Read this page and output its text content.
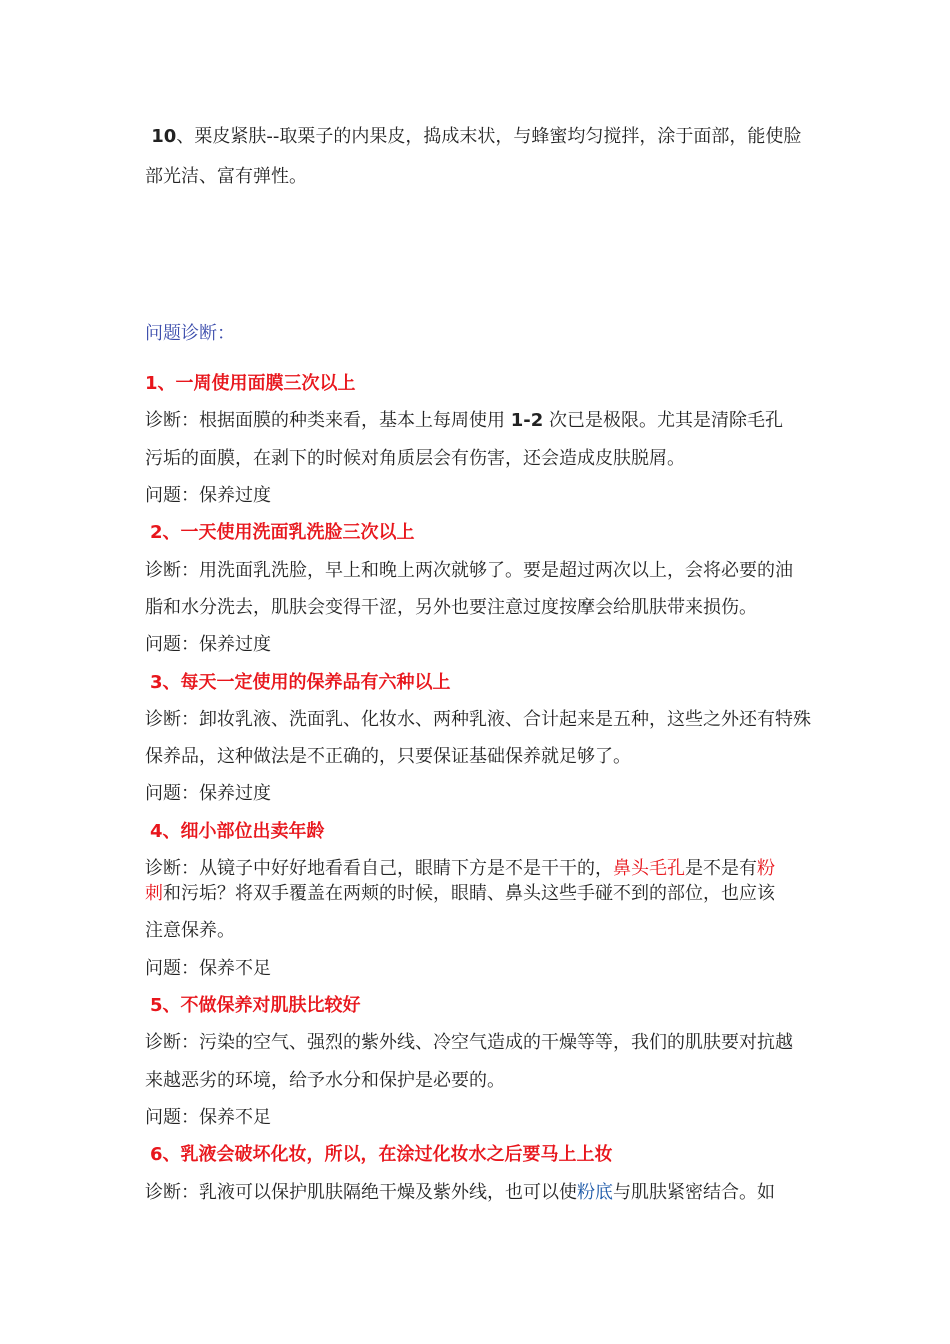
10、栗皮紧肤--取栗子的内果皮，捣成末状，与蜂蜜均匀搅拌，涂于面部，能使脸
部光洁、富有弹性。
问题诊断：
1、一周使用面膜三次以上
诊断：根据面膜的种类来看，基本上每周使用 1-2 次已是极限。尤其是清除毛孔
污垢的面膜，在剥下的时候对角质层会有伤害，还会造成皮肤脱屑。
问题：保养过度
2、一天使用洗面乳洗脸三次以上
诊断：用洗面乳洗脸，早上和晚上两次就够了。要是超过两次以上，会将必要的油
脂和水分洗去，肌肤会变得干涩，另外也要注意过度按摩会给肌肤带来损伤。
问题：保养过度
3、每天一定使用的保养品有六种以上
诊断：卸妆乳液、洗面乳、化妆水、两种乳液、合计起来是五种，这些之外还有特殊
保养品，这种做法是不正确的，只要保证基础保养就足够了。
问题：保养过度
4、细小部位出卖年龄
诊断：从镜子中好好地看看自己，眼睛下方是不是干干的，鼻头毛孔是不是有粉
刺和污垢？将双手覆盖在两颊的时候，眼睛、鼻头这些手碰不到的部位，也应该
注意保养。
问题：保养不足
5、不做保养对肌肤比较好
诊断：污染的空气、强烈的紫外线、冷空气造成的干燥等等，我们的肌肤要对抗越
来越恶劣的环境，给予水分和保护是必要的。
问题：保养不足
6、乳液会破坏化妆，所以，在涂过化妆水之后要马上上妆
诊断：乳液可以保护肌肤隔绝干燥及紫外线，也可以使粉底与肌肤紧密结合。如
